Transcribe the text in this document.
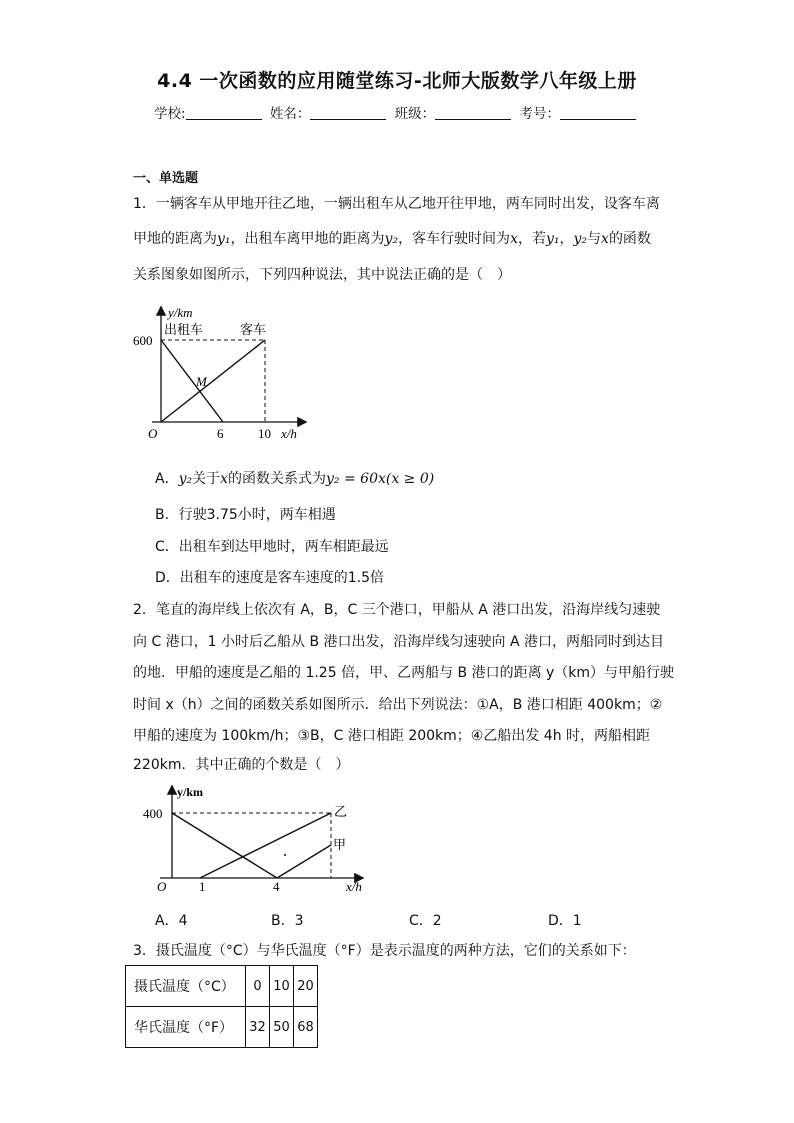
4.4 一次函数的应用随堂练习-北师大版数学八年级上册
学校:	姓名：	班级：	考号：
一、单选题
1．一辆客车从甲地开往乙地，一辆出租车从乙地开往甲地，两车同时出发，设客车离
甲地的距离为y₁，出租车离甲地的距离为y₂，客车行驶时间为x，若y₁，y₂与x的函数
关系图象如图所示，下列四种说法，其中说法正确的是（　）
y/km
600
出租车	客车
M
O	6	10 x/h
A．y₂关于x的函数关系式为y₂ = 60x(x ≥ 0)
B．行驶3.75小时，两车相遇
C．出租车到达甲地时，两车相距最远
D．出租车的速度是客车速度的1.5倍
2．笔直的海岸线上依次有 A，B，C 三个港口，甲船从 A 港口出发，沿海岸线匀速驶
向 C 港口，1 小时后乙船从 B 港口出发，沿海岸线匀速驶向 A 港口，两船同时到达目
的地．甲船的速度是乙船的 1.25 倍，甲、乙两船与 B 港口的距离 y（km）与甲船行驶
时间 x（h）之间的函数关系如图所示．给出下列说法：①A，B 港口相距 400km；②
甲船的速度为 100km/h；③B，C 港口相距 200km；④乙船出发 4h 时，两船相距
220km．其中正确的个数是（　）
y/km
400	乙
甲
O	1	4	x/h
A．4	B．3	C．2	D．1
3．摄氏温度（°C）与华氏温度（°F）是表示温度的两种方法，它们的关系如下：
摄氏温度（°C）	0	10	20
华氏温度（°F）	32	50	68
